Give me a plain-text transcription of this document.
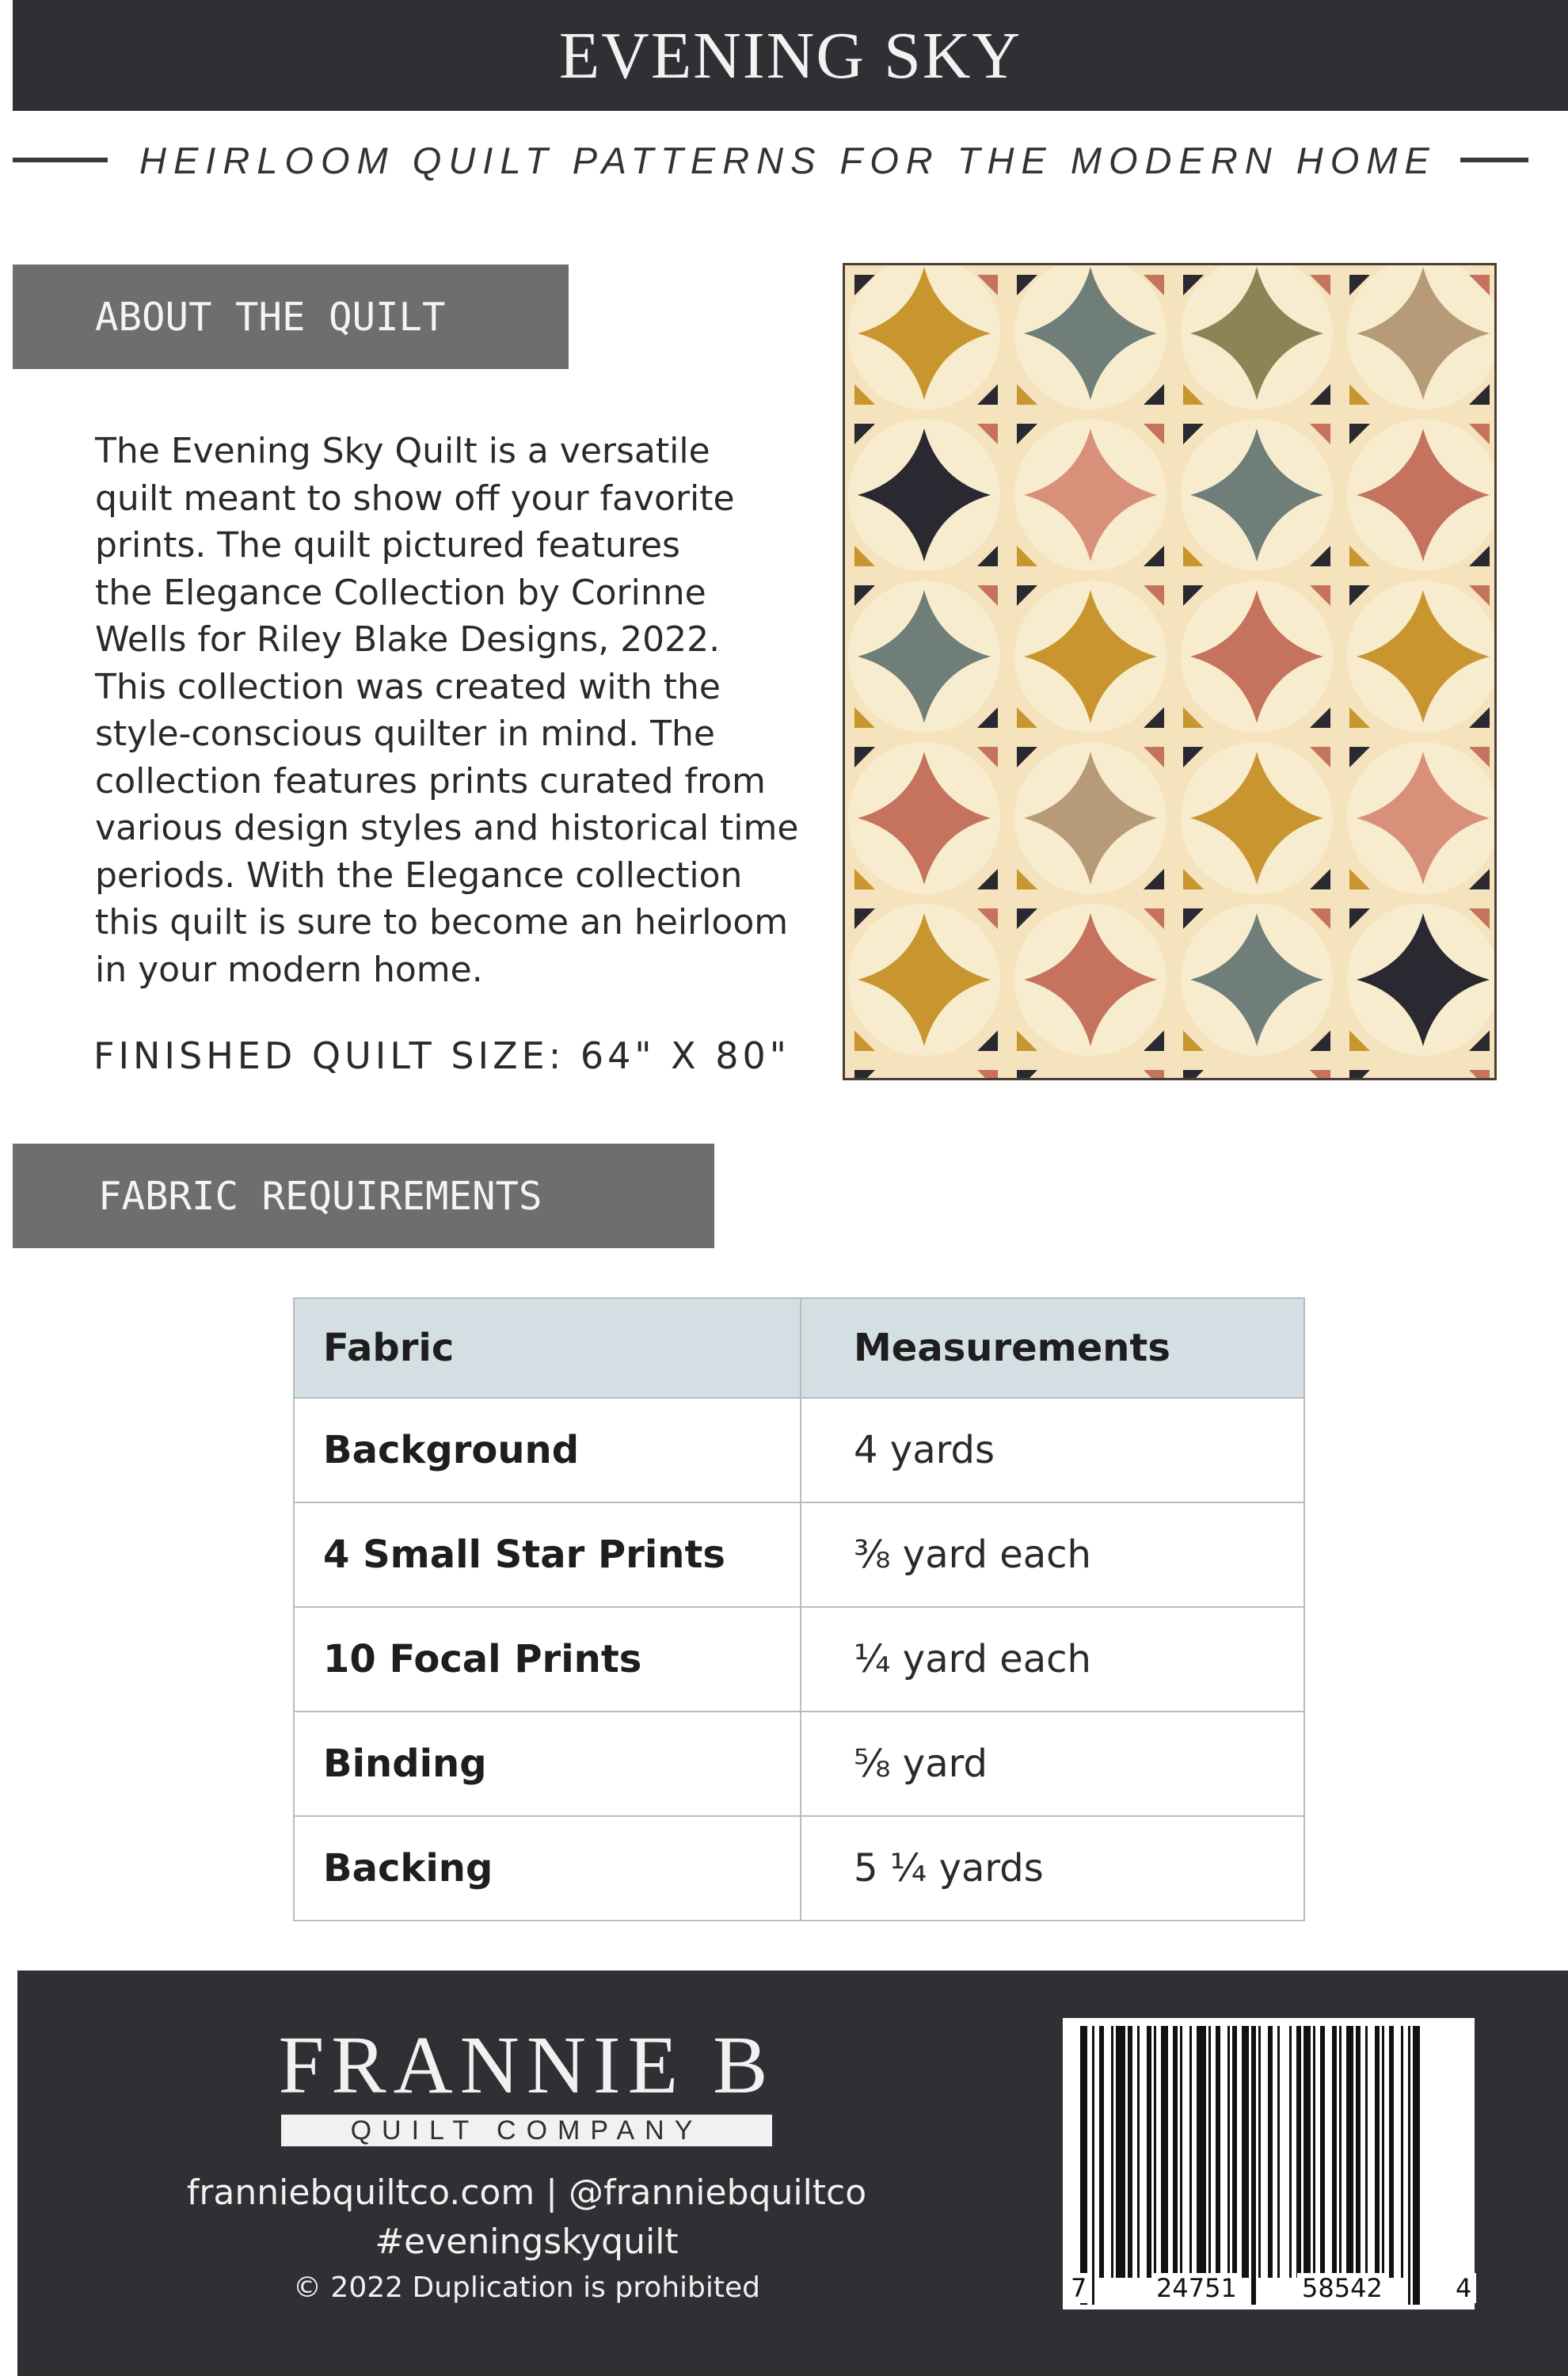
EVENING SKY
HEIRLOOM QUILT PATTERNS FOR THE MODERN HOME
ABOUT THE QUILT
The Evening Sky Quilt is a versatile
quilt meant to show off your favorite
prints. The quilt pictured features
the Elegance Collection by Corinne
Wells for Riley Blake Designs, 2022.
This collection was created with the
style-conscious quilter in mind. The
collection features prints curated from
various design styles and historical time
periods. With the Elegance collection
this quilt is sure to become an heirloom
in your modern home.
FINISHED QUILT SIZE: 64" X 80"
FABRIC REQUIREMENTS
Fabric	Measurements
Background	4 yards
4 Small Star Prints	⅜ yard each
10 Focal Prints	¼ yard each
Binding	⅝ yard
Backing	5 ¼ yards
FRANNIE B
QUILT COMPANY
franniebquiltco.com | @franniebquiltco
#eveningskyquilt
© 2022 Duplication is prohibited	7	24751	58542	4
